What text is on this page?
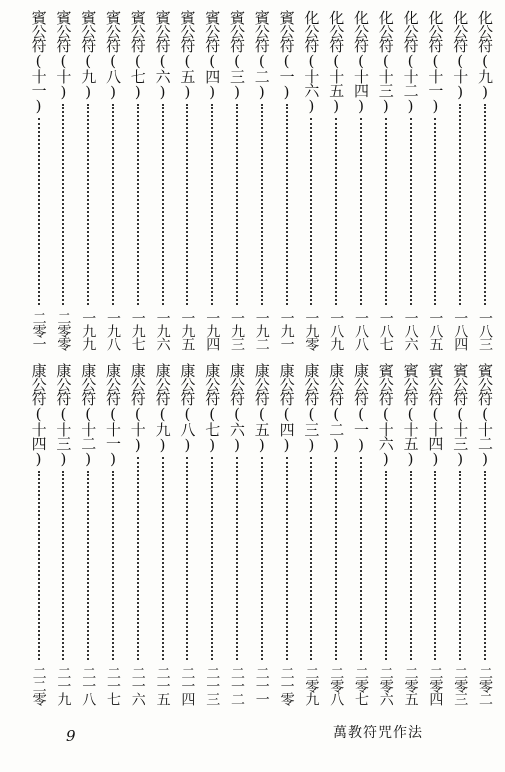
化公符(九)
一八三
化公符(十)
一八四
化公符(十一)
一八五
化公符(十二)
一八六
化公符(十三)
一八七
化公符(十四)
一八八
化公符(十五)
一八九
化公符(十六)
一九零
賓公符(一)
一九一
賓公符(二)
一九二
賓公符(三)
一九三
賓公符(四)
一九四
賓公符(五)
一九五
賓公符(六)
一九六
賓公符(七)
一九七
賓公符(八)
一九八
賓公符(九)
一九九
賓公符(十)
二零零
賓公符(十一)
二零一
賓公符(十二)
二零二
賓公符(十三)
二零三
賓公符(十四)
二零四
賓公符(十五)
二零五
賓公符(十六)
二零六
康公符(一)
二零七
康公符(二)
二零八
康公符(三)
二零九
康公符(四)
二一零
康公符(五)
二一一
康公符(六)
二一二
康公符(七)
二一三
康公符(八)
二一四
康公符(九)
二一五
康公符(十)
二一六
康公符(十一)
二一七
康公符(十二)
二一八
康公符(十三)
二一九
康公符(十四)
二二零
9	萬教符咒作法
